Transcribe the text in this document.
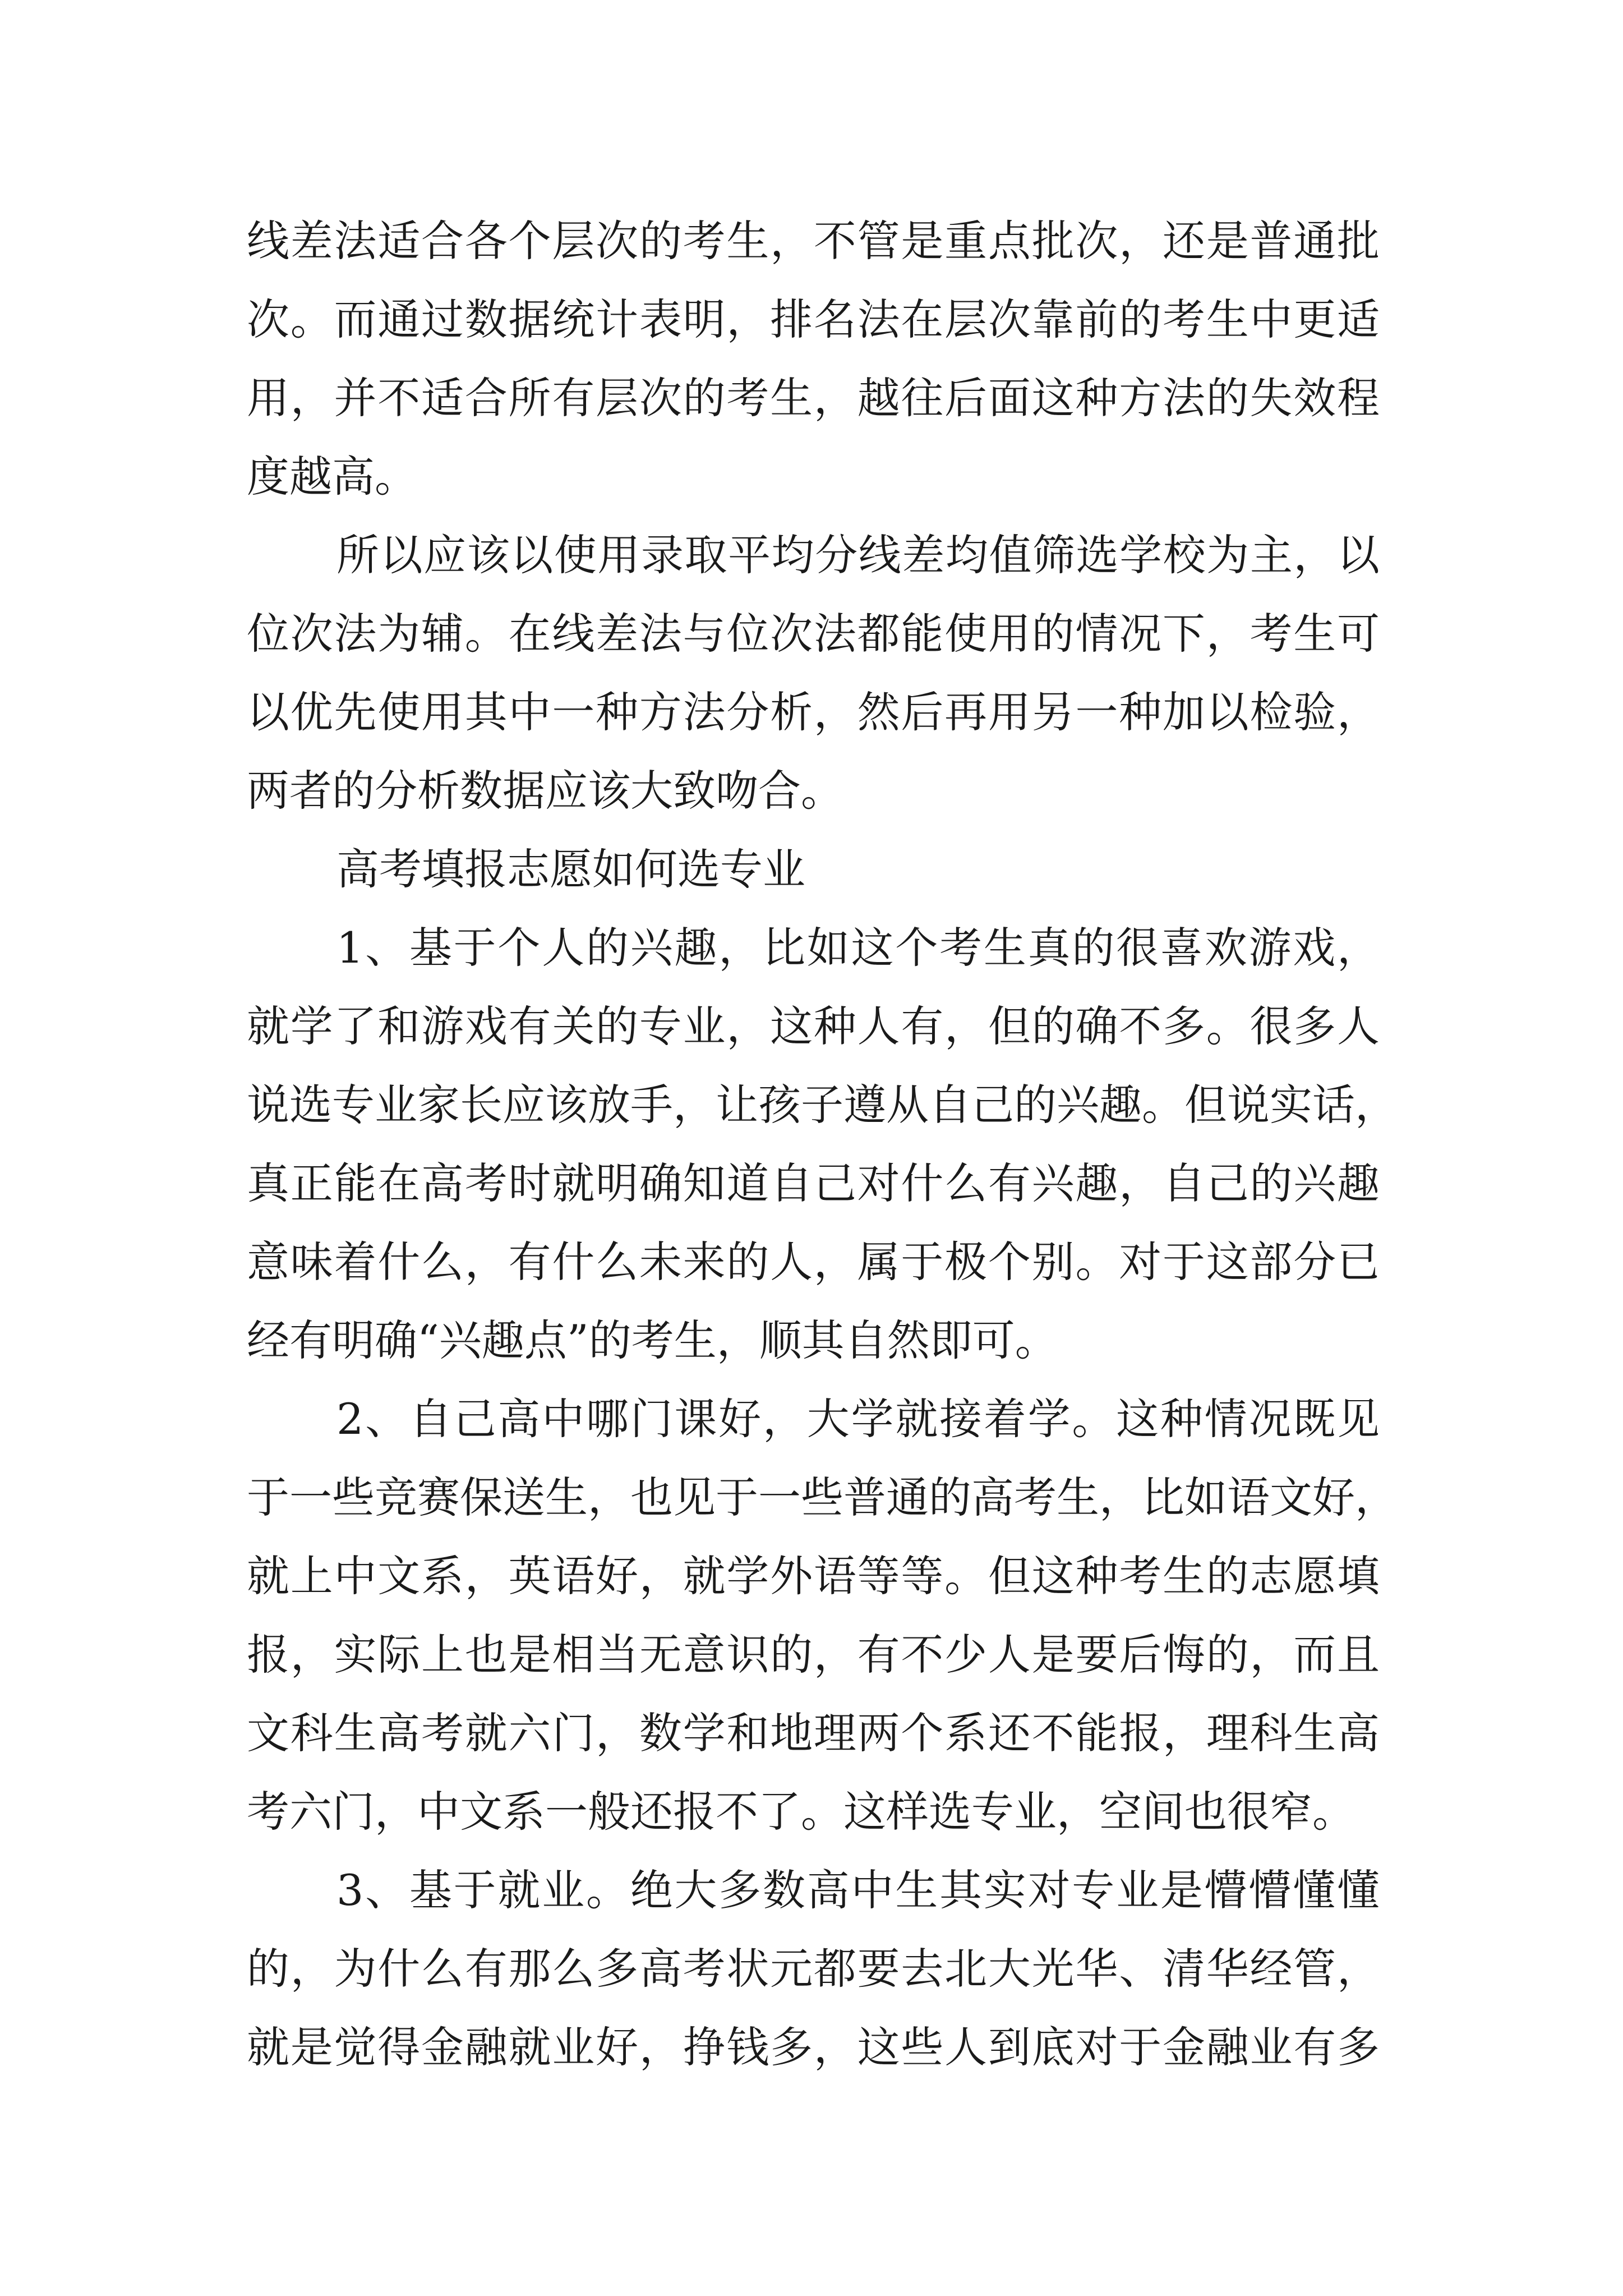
线差法适合各个层次的考生，不管是重点批次，还是普通批
次。而通过数据统计表明，排名法在层次靠前的考生中更适
用，并不适合所有层次的考生，越往后面这种方法的失效程
度越高。
所以应该以使用录取平均分线差均值筛选学校为主，以
位次法为辅。在线差法与位次法都能使用的情况下，考生可
以优先使用其中一种方法分析，然后再用另一种加以检验，
两者的分析数据应该大致吻合。
高考填报志愿如何选专业
1、基于个人的兴趣，比如这个考生真的很喜欢游戏，
就学了和游戏有关的专业，这种人有，但的确不多。很多人
说选专业家长应该放手，让孩子遵从自己的兴趣。但说实话，
真正能在高考时就明确知道自己对什么有兴趣，自己的兴趣
意味着什么，有什么未来的人，属于极个别。对于这部分已
经有明确“兴趣点”的考生，顺其自然即可。
2、自己高中哪门课好，大学就接着学。这种情况既见
于一些竞赛保送生，也见于一些普通的高考生，比如语文好，
就上中文系，英语好，就学外语等等。但这种考生的志愿填
报，实际上也是相当无意识的，有不少人是要后悔的，而且
文科生高考就六门，数学和地理两个系还不能报，理科生高
考六门，中文系一般还报不了。这样选专业，空间也很窄。
3、基于就业。绝大多数高中生其实对专业是懵懵懂懂
的，为什么有那么多高考状元都要去北大光华、清华经管，
就是觉得金融就业好，挣钱多，这些人到底对于金融业有多
